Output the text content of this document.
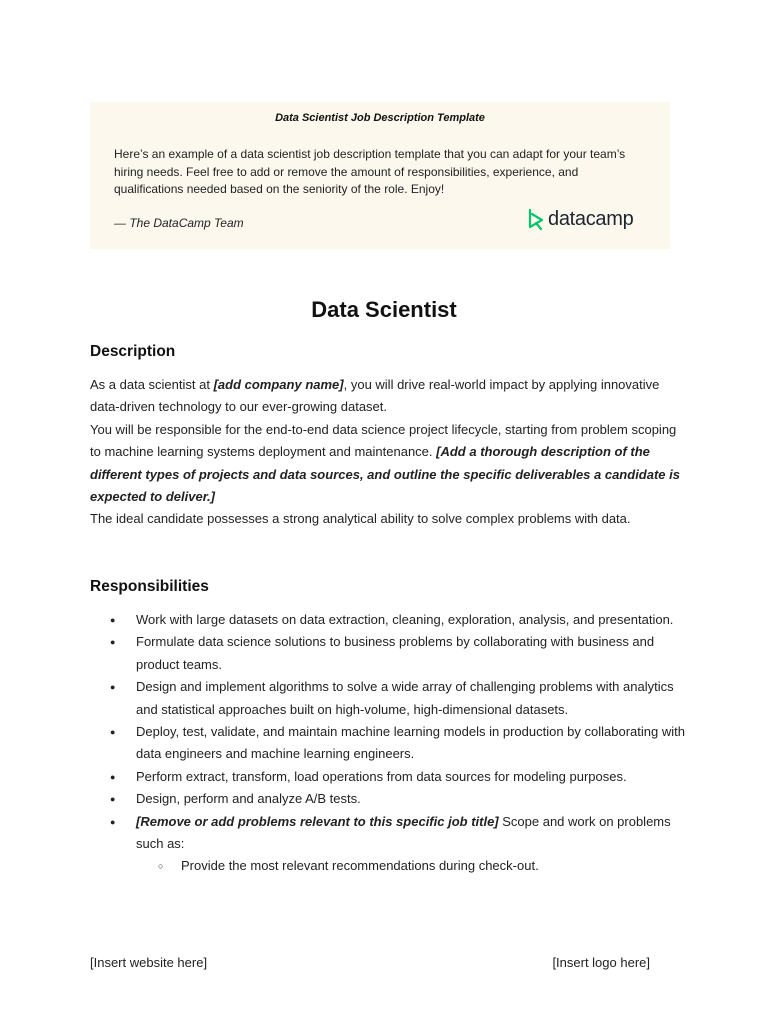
Data Scientist Job Description Template

Here’s an example of a data scientist job description template that you can adapt for your team’s hiring needs. Feel free to add or remove the amount of responsibilities, experience, and qualifications needed based on the seniority of the role. Enjoy!

— The DataCamp Team	datacamp
Data Scientist
Description
As a data scientist at [add company name], you will drive real-world impact by applying innovative data-driven technology to our ever-growing dataset.
You will be responsible for the end-to-end data science project lifecycle, starting from problem scoping to machine learning systems deployment and maintenance. [Add a thorough description of the different types of projects and data sources, and outline the specific deliverables a candidate is expected to deliver.]
The ideal candidate possesses a strong analytical ability to solve complex problems with data.
Responsibilities
● Work with large datasets on data extraction, cleaning, exploration, analysis, and presentation.
● Formulate data science solutions to business problems by collaborating with business and product teams.
● Design and implement algorithms to solve a wide array of challenging problems with analytics and statistical approaches built on high-volume, high-dimensional datasets.
● Deploy, test, validate, and maintain machine learning models in production by collaborating with data engineers and machine learning engineers.
● Perform extract, transform, load operations from data sources for modeling purposes.
● Design, perform and analyze A/B tests.
● [Remove or add problems relevant to this specific job title] Scope and work on problems such as:
○ Provide the most relevant recommendations during check-out.
[Insert website here]	[Insert logo here]
